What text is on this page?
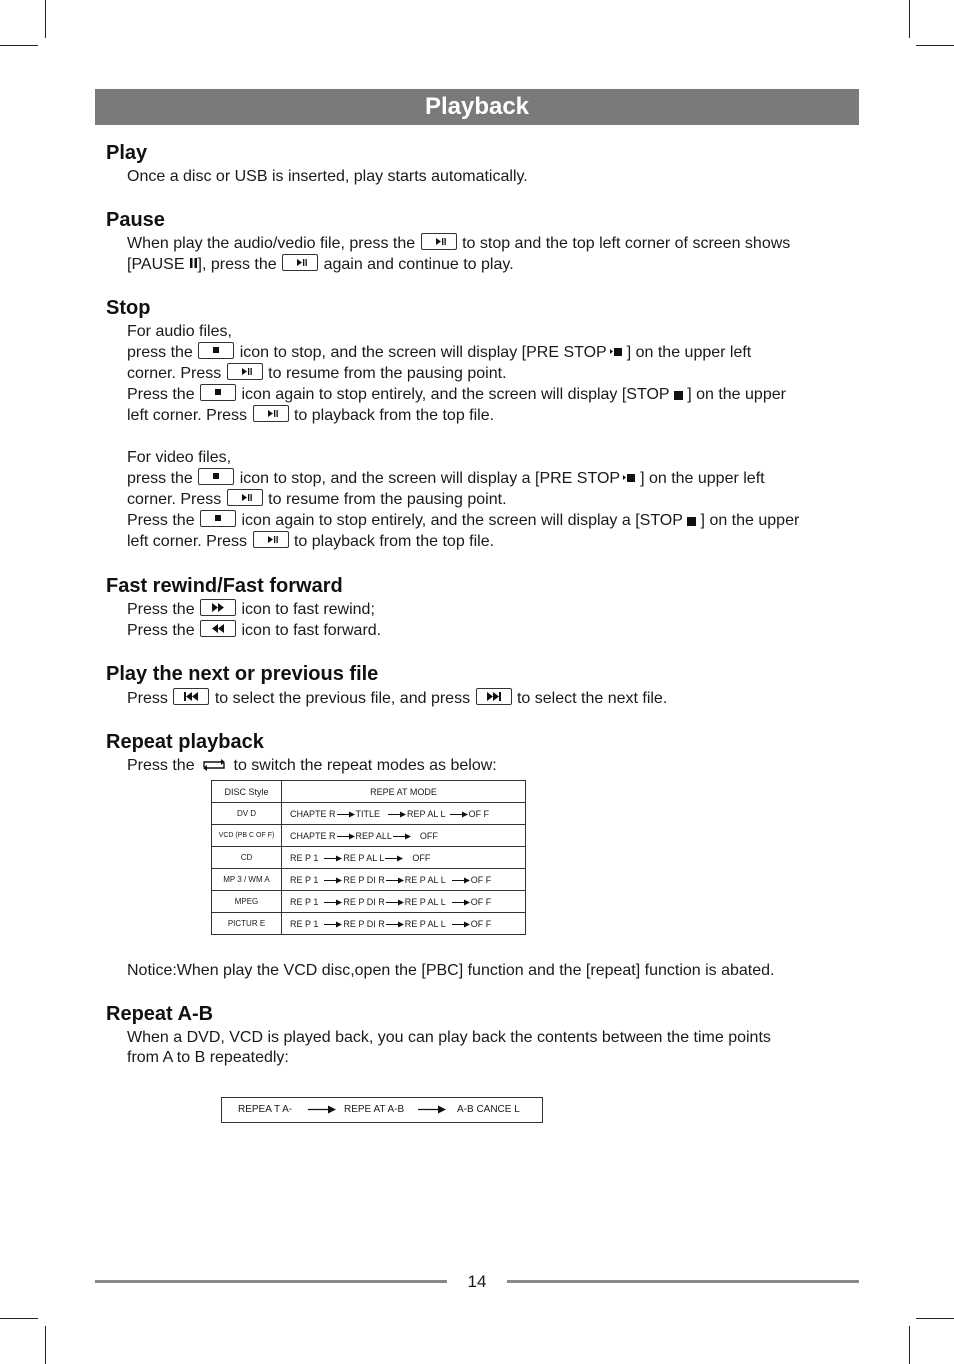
Playback
Play
Once a disc or USB is inserted, play starts automatically.
Pause
When play the audio/vedio file, press the	to stop and the top left corner of screen shows
[PAUSE ], press the	again and continue to play.
Stop
For audio files,
press the	icon to stop, and the screen will display [PRE STOP ] on the upper left
corner. Press	to resume from the pausing point.
Press the	icon again to stop entirely, and the screen will display [STOP ] on the upper
left corner. Press	to playback from the top file.
For video files,
press the	icon to stop, and the screen will display a [PRE STOP ] on the upper left
corner. Press	to resume from the pausing point.
Press the	icon again to stop entirely, and the screen will display a [STOP ] on the upper
left corner. Press	to playback from the top file.
Fast rewind/Fast forward
Press the	icon to fast rewind;
Press the	icon to fast forward.
Play the next or previous file
Press	to select the previous file, and press	to select the next file.
Repeat playback
Press the to switch the repeat modes as below:
DISC Style	REPE AT MODE
DV D	CHAPTE R TITLE REP AL L OF F
VCD (PB C OF F)	CHAPTE R REP ALL OFF
CD	RE P 1 RE P AL L OFF
MP 3 / WM A	RE P 1 RE P DI R RE P AL L OF F
MPEG	RE P 1 RE P DI R RE P AL L OF F
PICTUR E	RE P 1 RE P DI R RE P AL L OF F
Notice:When play the VCD disc,open the [PBC] function and the [repeat] function is abated.
Repeat A-B
When a DVD, VCD is played back, you can play back the contents between the time points
from A to B repeatedly:
REPEA T A-	REPE AT A-B	A-B CANCE L
14
